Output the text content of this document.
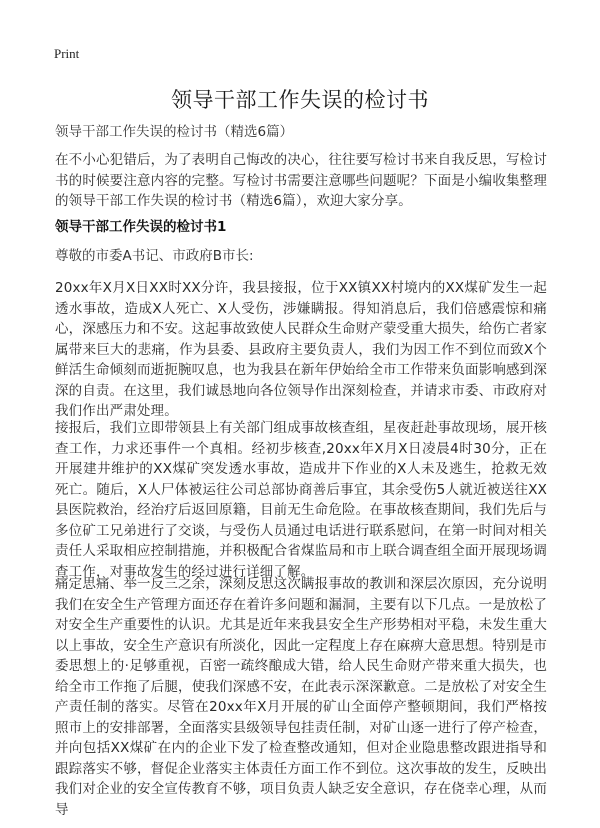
Print
领导干部工作失误的检讨书
领导干部工作失误的检讨书（精选6篇）

在不小心犯错后，为了表明自己悔改的决心，往往要写检讨书来自我反思，写检讨书的时候要注意内容的完整。写检讨书需要注意哪些问题呢？下面是小编收集整理的领导干部工作失误的检讨书（精选6篇），欢迎大家分享。

领导干部工作失误的检讨书1
尊敬的市委A书记、市政府B市长:

20xx年X月X日XX时XX分许，我县接报，位于XX镇XX村境内的XX煤矿发生一起透水事故，造成X人死亡、X人受伤，涉嫌瞒报。得知消息后，我们倍感震惊和痛心，深感压力和不安。这起事故致使人民群众生命财产蒙受重大损失，给伤亡者家属带来巨大的悲痛，作为县委、县政府主要负责人，我们为因工作不到位而致X个鲜活生命倾刻而逝扼腕叹息，也为我县在新年伊始给全市工作带来负面影响感到深深的自责。在这里，我们诚恳地向各位领导作出深刻检查，并请求市委、市政府对我们作出严肃处理。

接报后，我们立即带领县上有关部门组成事故核查组，星夜赶赴事故现场，展开核查工作，力求还事件一个真相。经初步核查,20xx年X月X日凌晨4时30分，正在开展建井维护的XX煤矿突发透水事故，造成井下作业的X人未及逃生，抢救无效死亡。随后，X人尸体被运往公司总部协商善后事宜，其余受伤5人就近被送往XX县医院救治，经治疗后返回原籍，目前无生命危险。在事故核查期间，我们先后与多位矿工兄弟进行了交谈，与受伤人员通过电话进行联系慰问，在第一时间对相关责任人采取相应控制措施，并积极配合省煤监局和市上联合调查组全面开展现场调查工作，对事故发生的经过进行详细了解。

痛定思痛、举一反三之余，深刻反思这次瞒报事故的教训和深层次原因，充分说明我们在安全生产管理方面还存在着许多问题和漏洞，主要有以下几点。一是放松了对安全生产重要性的认识。尤其是近年来我县安全生产形势相对平稳，未发生重大以上事故，安全生产意识有所淡化，因此一定程度上存在麻痹大意思想。特别是市委思想上的·足够重视，百密一疏终酿成大错，给人民生命财产带来重大损失，也给全市工作拖了后腿，使我们深感不安，在此表示深深歉意。二是放松了对安全生产责任制的落实。尽管在20xx年X月开展的矿山全面停产整顿期间，我们严格按照市上的安排部署，全面落实县级领导包挂责任制，对矿山逐一进行了停产检查，并向包括XX煤矿在内的企业下发了检查整改通知，但对企业隐患整改跟进指导和跟踪落实不够，督促企业落实主体责任方面工作不到位。这次事故的发生，反映出我们对企业的安全宣传教育不够，项目负责人缺乏安全意识，存在侥幸心理，从而导
